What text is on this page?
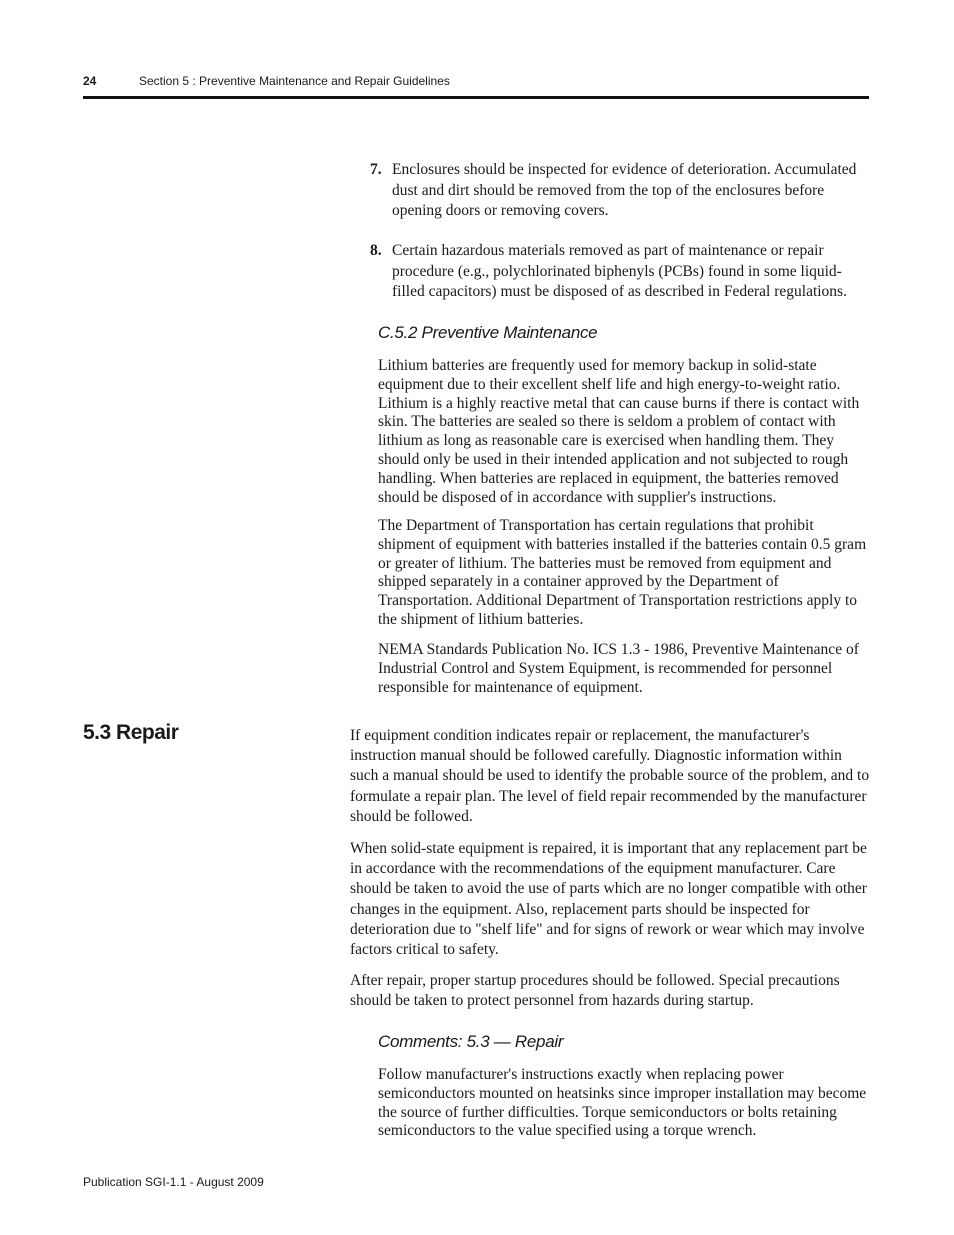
24	Section 5 : Preventive Maintenance and Repair Guidelines
7. Enclosures should be inspected for evidence of deterioration. Accumulated dust and dirt should be removed from the top of the enclosures before opening doors or removing covers.
8. Certain hazardous materials removed as part of maintenance or repair procedure (e.g., polychlorinated biphenyls (PCBs) found in some liquid-filled capacitors) must be disposed of as described in Federal regulations.
C.5.2 Preventive Maintenance
Lithium batteries are frequently used for memory backup in solid-state equipment due to their excellent shelf life and high energy-to-weight ratio. Lithium is a highly reactive metal that can cause burns if there is contact with skin. The batteries are sealed so there is seldom a problem of contact with lithium as long as reasonable care is exercised when handling them. They should only be used in their intended application and not subjected to rough handling. When batteries are replaced in equipment, the batteries removed should be disposed of in accordance with supplier's instructions.
The Department of Transportation has certain regulations that prohibit shipment of equipment with batteries installed if the batteries contain 0.5 gram or greater of lithium. The batteries must be removed from equipment and shipped separately in a container approved by the Department of Transportation. Additional Department of Transportation restrictions apply to the shipment of lithium batteries.
NEMA Standards Publication No. ICS 1.3 - 1986, Preventive Maintenance of Industrial Control and System Equipment, is recommended for personnel responsible for maintenance of equipment.
5.3 Repair	If equipment condition indicates repair or replacement, the manufacturer's instruction manual should be followed carefully. Diagnostic information within such a manual should be used to identify the probable source of the problem, and to formulate a repair plan. The level of field repair recommended by the manufacturer should be followed.
When solid-state equipment is repaired, it is important that any replacement part be in accordance with the recommendations of the equipment manufacturer. Care should be taken to avoid the use of parts which are no longer compatible with other changes in the equipment. Also, replacement parts should be inspected for deterioration due to "shelf life" and for signs of rework or wear which may involve factors critical to safety.
After repair, proper startup procedures should be followed. Special precautions should be taken to protect personnel from hazards during startup.
Comments: 5.3 — Repair
Follow manufacturer's instructions exactly when replacing power semiconductors mounted on heatsinks since improper installation may become the source of further difficulties. Torque semiconductors or bolts retaining semiconductors to the value specified using a torque wrench.
Publication SGI-1.1 - August 2009
